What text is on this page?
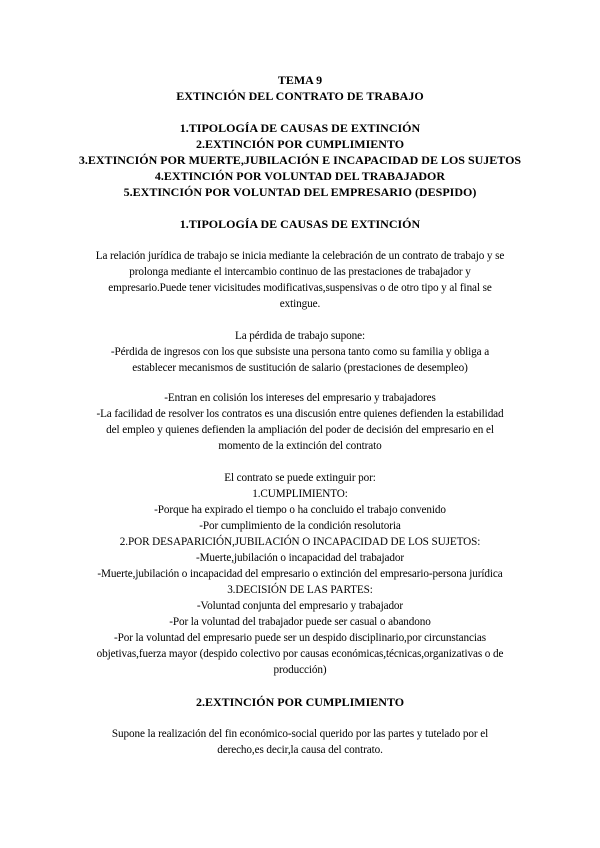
TEMA 9
EXTINCIÓN DEL CONTRATO DE TRABAJO
1.TIPOLOGÍA DE CAUSAS DE EXTINCIÓN
2.EXTINCIÓN POR CUMPLIMIENTO
3.EXTINCIÓN POR MUERTE,JUBILACIÓN E INCAPACIDAD DE LOS SUJETOS
4.EXTINCIÓN POR VOLUNTAD DEL TRABAJADOR
5.EXTINCIÓN POR VOLUNTAD DEL EMPRESARIO (DESPIDO)
1.TIPOLOGÍA DE CAUSAS DE EXTINCIÓN
La relación jurídica de trabajo se inicia mediante la celebración de un contrato de trabajo y se
prolonga mediante el intercambio continuo de las prestaciones de trabajador y
empresario.Puede tener vicisitudes modificativas,suspensivas o de otro tipo y al final se
extingue.
La pérdida de trabajo supone:
-Pérdida de ingresos con los que subsiste una persona tanto como su familia y obliga a
establecer mecanismos de sustitución de salario (prestaciones de desempleo)
-Entran en colisión los intereses del empresario y trabajadores
-La facilidad de resolver los contratos es una discusión entre quienes defienden la estabilidad
del empleo y quienes defienden la ampliación del poder de decisión del empresario en el
momento de la extinción del contrato
El contrato se puede extinguir por:
1.CUMPLIMIENTO:
-Porque ha expirado el tiempo o ha concluido el trabajo convenido
-Por cumplimiento de la condición resolutoria
2.POR DESAPARICIÓN,JUBILACIÓN O INCAPACIDAD DE LOS SUJETOS:
-Muerte,jubilación o incapacidad del trabajador
-Muerte,jubilación o incapacidad del empresario o extinción del empresario-persona jurídica
3.DECISIÓN DE LAS PARTES:
-Voluntad conjunta del empresario y trabajador
-Por la voluntad del trabajador puede ser casual o abandono
-Por la voluntad del empresario puede ser un despido disciplinario,por circunstancias
objetivas,fuerza mayor (despido colectivo por causas económicas,técnicas,organizativas o de
producción)
2.EXTINCIÓN POR CUMPLIMIENTO
Supone la realización del fin económico-social querido por las partes y tutelado por el
derecho,es decir,la causa del contrato.
